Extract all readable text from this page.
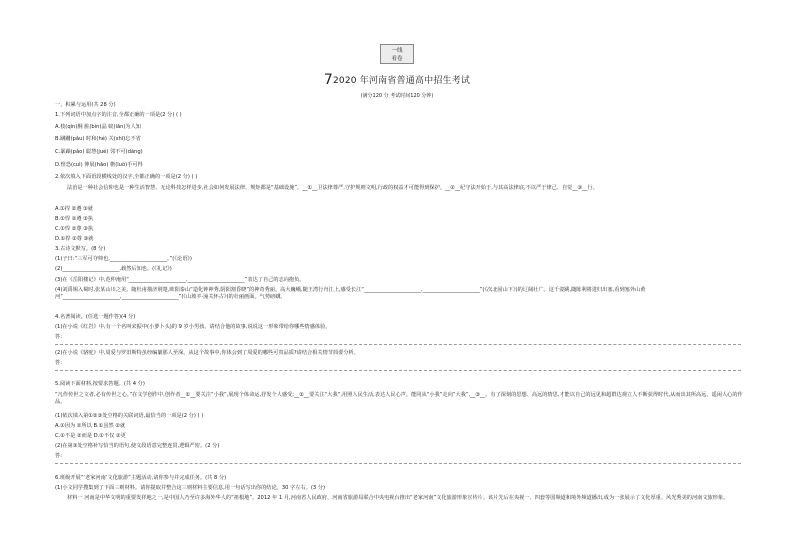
一线
看卷
72020 年河南省普通高中招生考试
(满分120 分 考试时间120 分钟)
一、积累与运用(共 28 分)
1.下列词语中加点字的注音,全都正确的一项是(2 分) ( )
A.枝(qín)桐 脏(bìn)晶 蚁(lǎn)为人知
B.蹒跚(pǎu) 时和(hé) 关(shī)忘不省
C.暴躁(pǎo) 聪慧(jué) 邻不可(dàng)
D.惶恐(cuì) 伸展(hǎo) 檐(luò)手可得
2.依次填入下面语段横线处的汉字,全都正确的一项是(2 分) ( )
法治是一种社会信仰也是一种生活智慧。无论科技怎样进步,社会如何发展法律、规矩都是“基础设施”。__①__卫法律尊严,守护规则文明,行政的权益才可能得到保护。__②__纪守法开始于,与其高法律底,不以严于律己、自觉__③__行。
A.①捍 ②遵 ③就
B.①悍 ②遵 ③执
C.①悍 ②尊 ③执
D.①捍 ②尊 ③就
3.古诗文默写。(8 分)
(1)子曰:“三军可夺帅也,______________________。”(《论语》)
(2)______________________,载然后知也。(《礼记》)
(3)在《岳阳楼记》中,范仲淹用“______________________,______________________”表达了自己的志向抱负。
(4)刘禹锡入蜀时,张某山川之美。随杜甫描济荆楚,欧阳泰山“造化钟神秀,阴阳割昏晓”的神奇秀丽。高大巍峨,随王湾行舟江上,感受长江“______________________,______________________”(《次北固山下》)的辽阔壮广。这千姿跳,随陈利将进归出塞,看到塞外山黄河“______________________,______________________”(《山坡羊·潼关怀古》)的壮丽画面。气势磅礴。
4.名著阅读。(任选一题作答)(4 分)
(1)在小说《红岩》中,有一个名叫宋振中(小萝卜头)的 9 岁小男孩。请结合他的故事,说说这一形象带给你哪些情感体验。
答:
(2)在小说《骆驼》中,周爱与罗旧斯特虽经编纂那人至深。从这个故事中,你体会到了周爱的哪些可贵品质?请结合相关情节简要分析。
答:
5.阅读下面材料,按要求答题。(共 4 分)
“凡作传世之文者,必有传世之心。”在文学创作中,创作者__①__要关注“小我”,展现个体命运,抒发个人感受;__②__要关注“大我”,用照人民生活,表达人民心声。能同从“小我”走向“大我”,__③__。有了深刻的思想、高远的情思,才能以自己的远见和超群达观立人不断获得时代,从而出其所高远、遥闲人心的作品。
(1)依次填入第①②③处空格的关联词语,最恰当的一项是(2 分) ( )
A.①因为 ②所以 B.①虽然 ②就
C.①不是 ②而是 D.①不仅 ②更
(2)在第③处空格补写恰当的语句,使文段语意完整连贯,逻辑严密。(2 分)
答:
6.班级开展“‘老家河南’文化旅游”主题活动,请你参与并完成任务。(共 8 分)
(1)小文同学搜集到了下面三则材料。请你提取并整合这三则材料主要信息,用一句话写出你的结论。30 字左右。(3 分)
材料一 河南是中华文明的重要发祥地之一,是中国人乃至许多海外华人的“祖根地”。2012 年 1 月,河南省人民政府、河南省旅游局联合中央电视台推出“老家河南”文化旅游形象宣传片。该片先后在央视一、四套等国频道和境外频道播出,成为一张展示了文化厚重、风光秀美的河南文旅形象。
